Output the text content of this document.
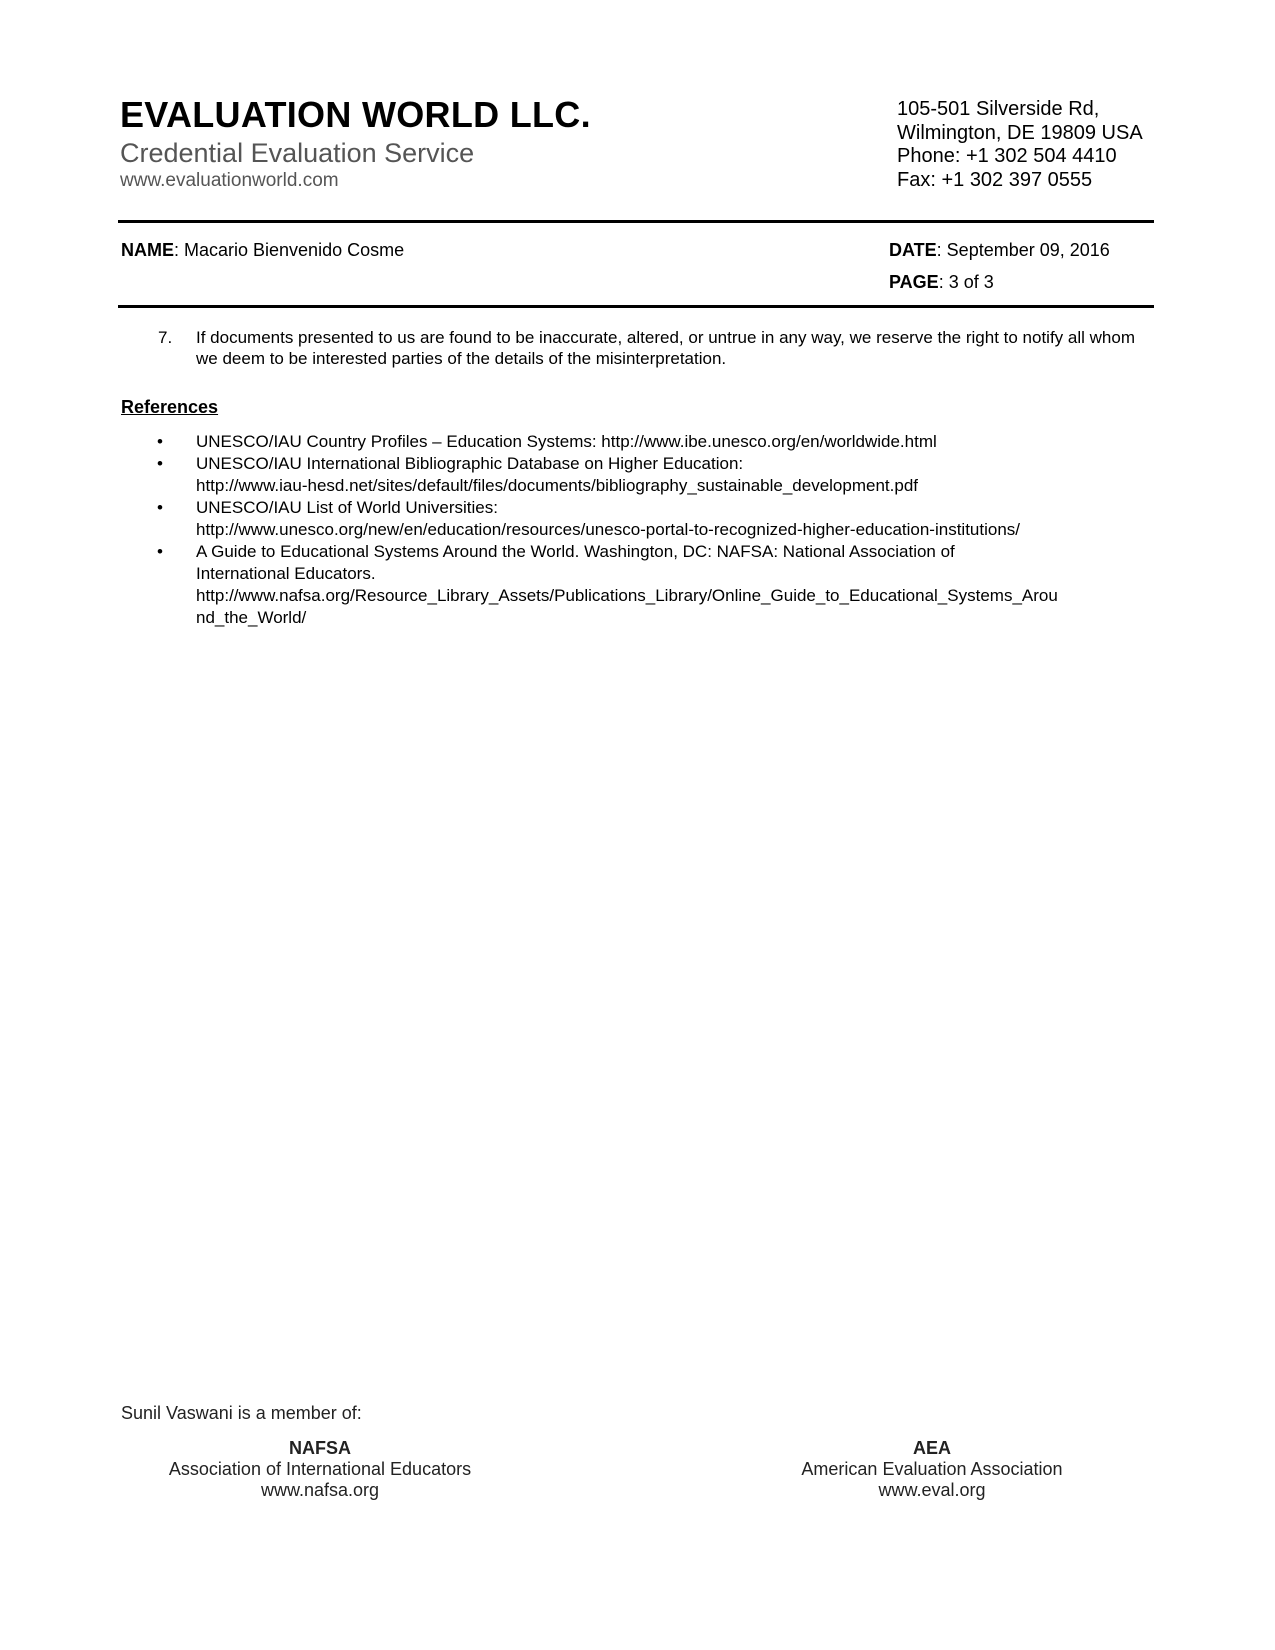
EVALUATION WORLD LLC.
Credential Evaluation Service
www.evaluationworld.com
105-501 Silverside Rd,
Wilmington, DE 19809 USA
Phone: +1 302 504 4410
Fax: +1 302 397 0555
NAME: Macario Bienvenido Cosme	DATE: September 09, 2016
PAGE: 3 of 3
7. If documents presented to us are found to be inaccurate, altered, or untrue in any way, we reserve the right to notify all whom we deem to be interested parties of the details of the misinterpretation.
References
• UNESCO/IAU Country Profiles – Education Systems: http://www.ibe.unesco.org/en/worldwide.html
• UNESCO/IAU International Bibliographic Database on Higher Education:
http://www.iau-hesd.net/sites/default/files/documents/bibliography_sustainable_development.pdf
• UNESCO/IAU List of World Universities:
http://www.unesco.org/new/en/education/resources/unesco-portal-to-recognized-higher-education-institutions/
• A Guide to Educational Systems Around the World. Washington, DC: NAFSA: National Association of
International Educators.
http://www.nafsa.org/Resource_Library_Assets/Publications_Library/Online_Guide_to_Educational_Systems_Arou
nd_the_World/
Sunil Vaswani is a member of:
NAFSA
Association of International Educators
www.nafsa.org
AEA
American Evaluation Association
www.eval.org
